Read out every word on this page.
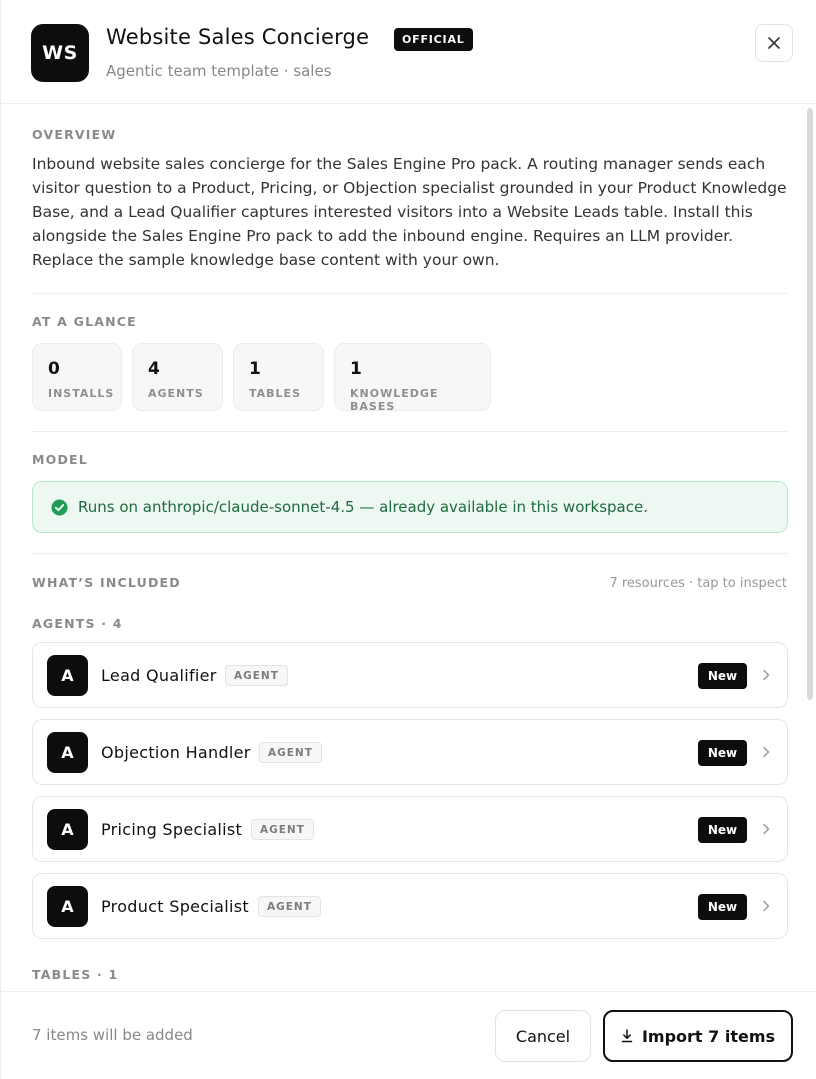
WS
Website Sales Concierge	OFFICIAL
Agentic team template · sales
OVERVIEW
Inbound website sales concierge for the Sales Engine Pro pack. A routing manager sends each visitor question to a Product, Pricing, or Objection specialist grounded in your Product Knowledge Base, and a Lead Qualifier captures interested visitors into a Website Leads table. Install this alongside the Sales Engine Pro pack to add the inbound engine. Requires an LLM provider. Replace the sample knowledge base content with your own.
AT A GLANCE
0
INSTALLS
4
AGENTS
1
TABLES
1
KNOWLEDGE BASES
MODEL
Runs on anthropic/claude-sonnet-4.5 — already available in this workspace.
WHAT’S INCLUDED	7 resources · tap to inspect
AGENTS · 4
A	Lead Qualifier	AGENT	New
A	Objection Handler	AGENT	New
A	Pricing Specialist	AGENT	New
A	Product Specialist	AGENT	New
TABLES · 1
7 items will be added	Cancel	Import 7 items
